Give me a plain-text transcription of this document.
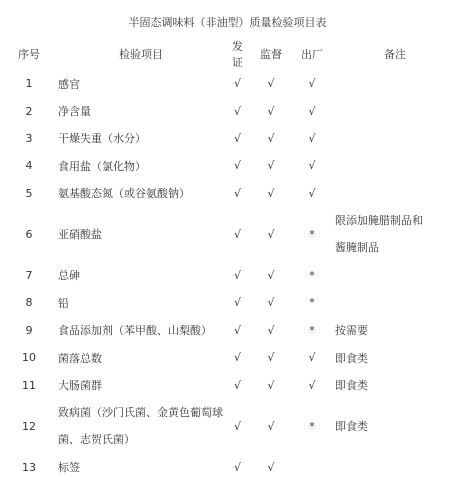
半固态调味料（非油型）质量检验项目表
序号	检验项目	发证	监督	出厂	备注
1	感官	√	√	√	
2	净含量	√	√	√	
3	干燥失重（水分）	√	√	√	
4	食用盐（氯化物）	√	√	√	
5	氨基酸态氮（或谷氨酸钠）	√	√	√	
6	亚硝酸盐	√	√	*	限添加腌腊制品和酱腌制品
7	总砷	√	√	*	
8	铅	√	√	*	
9	食品添加剂（苯甲酸、山梨酸）	√	√	*	按需要
10	菌落总数	√	√	√	即食类
11	大肠菌群	√	√	√	即食类
12	致病菌（沙门氏菌、金黄色葡萄球菌、志贺氏菌）	√	√	*	即食类
13	标签	√	√		
